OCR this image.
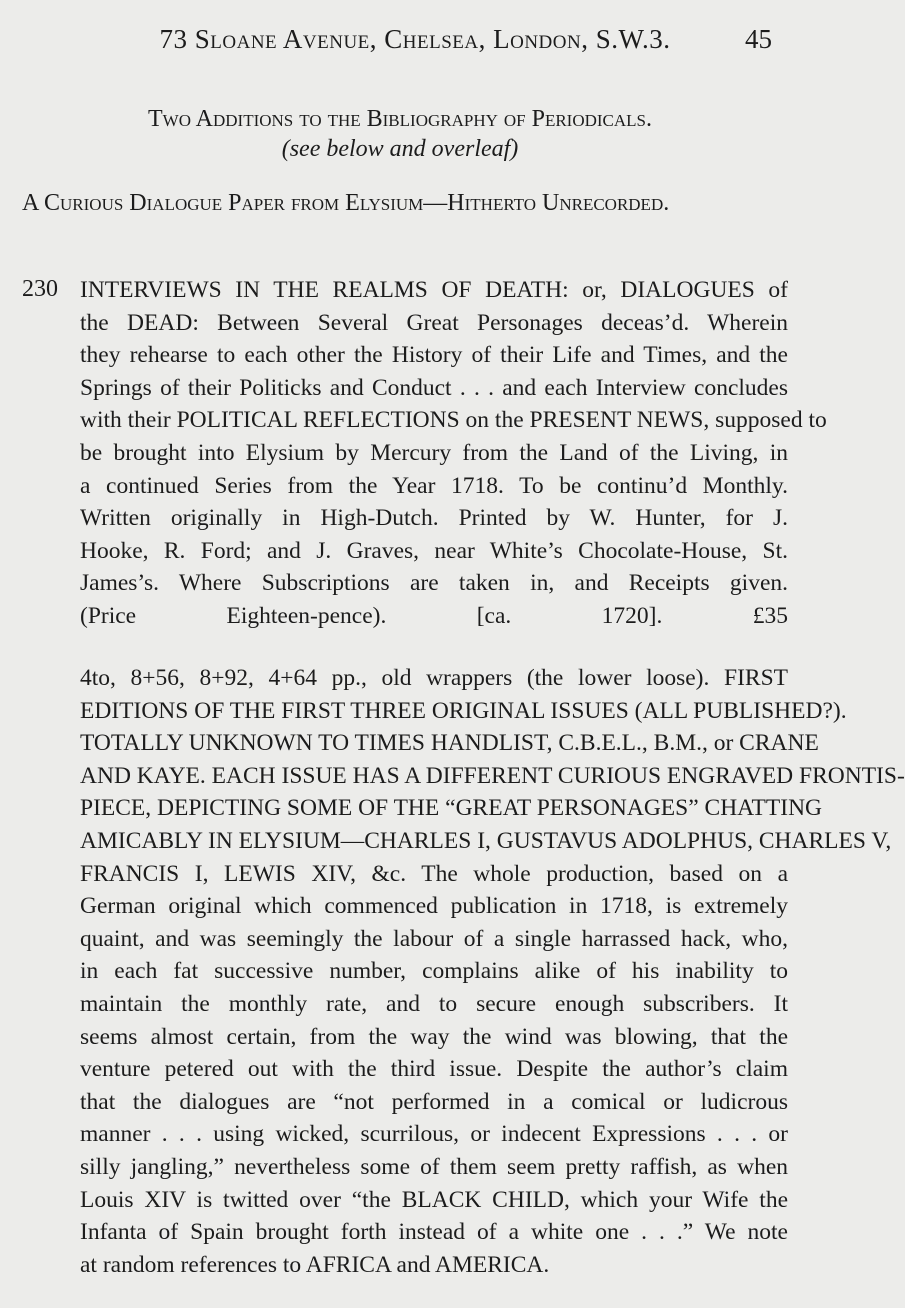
73 Sloane Avenue, Chelsea, London, S.W.3.	45
Two Additions to the Bibliography of Periodicals.
(see below and overleaf)
A Curious Dialogue Paper from Elysium—Hitherto Unrecorded.
230 INTERVIEWS IN THE REALMS OF DEATH: or, DIALOGUES of
the DEAD: Between Several Great Personages deceas’d. Wherein
they rehearse to each other the History of their Life and Times, and the
Springs of their Politicks and Conduct . . . and each Interview concludes
with their POLITICAL REFLECTIONS on the PRESENT NEWS, supposed to
be brought into Elysium by Mercury from the Land of the Living, in
a continued Series from the Year 1718. To be continu’d Monthly.
Written originally in High-Dutch. Printed by W. Hunter, for J.
Hooke, R. Ford; and J. Graves, near White’s Chocolate-House, St.
James’s. Where Subscriptions are taken in, and Receipts given.
(Price Eighteen-pence). [ca. 1720].	£35
4to, 8+56, 8+92, 4+64 pp., old wrappers (the lower loose). FIRST
EDITIONS OF THE FIRST THREE ORIGINAL ISSUES (ALL PUBLISHED?).
TOTALLY UNKNOWN TO TIMES HANDLIST, C.B.E.L., B.M., or CRANE
AND KAYE. EACH ISSUE HAS A DIFFERENT CURIOUS ENGRAVED FRONTIS-
PIECE, DEPICTING SOME OF THE “GREAT PERSONAGES” CHATTING
AMICABLY IN ELYSIUM—CHARLES I, GUSTAVUS ADOLPHUS, CHARLES V,
FRANCIS I, LEWIS XIV, &c. The whole production, based on a
German original which commenced publication in 1718, is extremely
quaint, and was seemingly the labour of a single harrassed hack, who,
in each fat successive number, complains alike of his inability to
maintain the monthly rate, and to secure enough subscribers. It
seems almost certain, from the way the wind was blowing, that the
venture petered out with the third issue. Despite the author’s claim
that the dialogues are “not performed in a comical or ludicrous
manner . . . using wicked, scurrilous, or indecent Expressions . . . or
silly jangling,” nevertheless some of them seem pretty raffish, as when
Louis XIV is twitted over “the BLACK CHILD, which your Wife the
Infanta of Spain brought forth instead of a white one . . .” We note
at random references to AFRICA and AMERICA.
